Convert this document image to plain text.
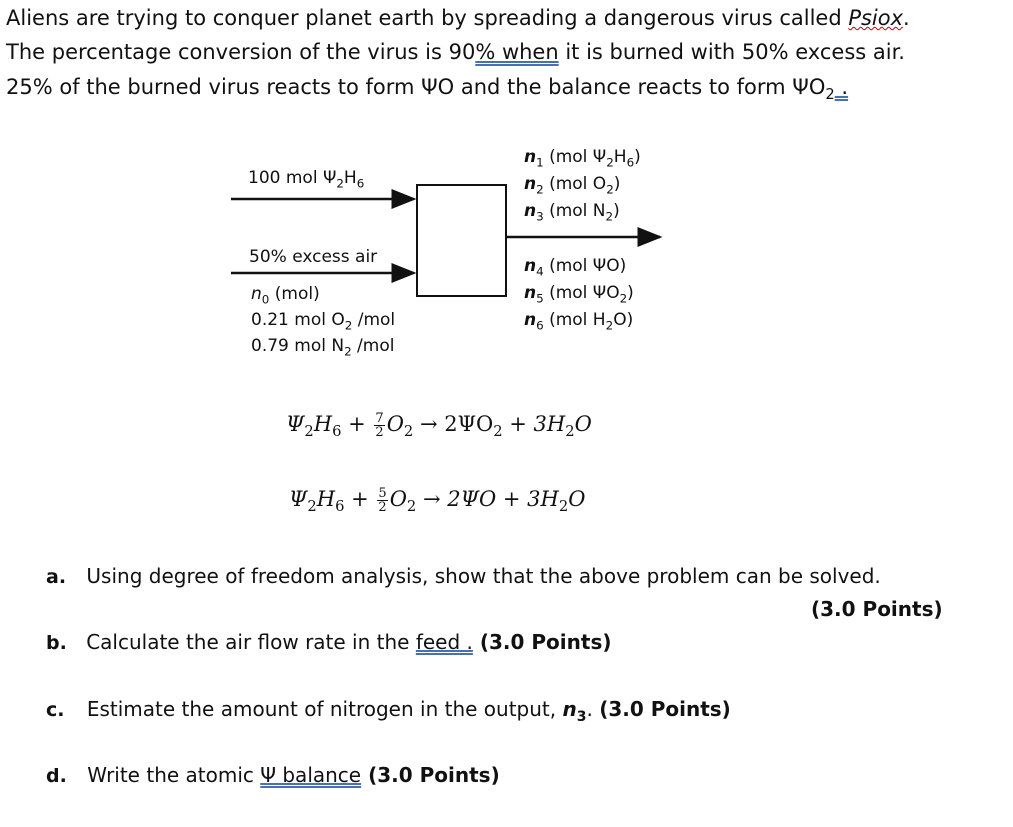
Aliens are trying to conquer planet earth by spreading a dangerous virus called Psiox.
The percentage conversion of the virus is 90% when it is burned with 50% excess air.
25% of the burned virus reacts to form ΨO and the balance reacts to form $\Psi O_2$ .
100 mol $\Psi_2H_6$
50% excess air
$n_0$ (mol)
0.21 mol $O_2$ /mol
0.79 mol $N_2$ /mol
$n_1$ (mol $\Psi_2H_6$)
$n_2$ (mol $O_2$)
$n_3$ (mol $N_2$)
$n_4$ (mol ΨO)
$n_5$ (mol $\Psi O_2$)
$n_6$ (mol $H_2O$)
$\Psi_2H_6 + \frac{7}{2} O_2 \to 2\Psi O_2 + 3H_2O$
$\Psi_2H_6 + \frac{5}{2} O_2 \to 2\Psi O + 3H_2O$
a. Using degree of freedom analysis, show that the above problem can be solved.
(3.0 Points)
b. Calculate the air flow rate in the feed . (3.0 Points)
c. Estimate the amount of nitrogen in the output, $n_3$. (3.0 Points)
d. Write the atomic Ψ balance (3.0 Points)
